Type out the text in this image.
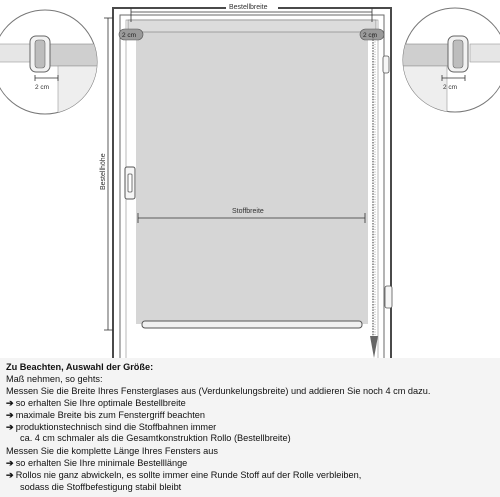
2 cm	2 cm
2 cm	2 cm
Bestellbreite
Stoffbreite
Bestellhöhe
Zu Beachten, Auswahl der Größe:
Maß nehmen, so gehts:
Messen Sie die Breite Ihres Fensterglases aus (Verdunkelungsbreite) und addieren Sie noch 4 cm dazu.
➔ so erhalten Sie Ihre optimale Bestellbreite
➔ maximale Breite bis zum Fenstergriff beachten
➔ produktionstechnisch sind die Stoffbahnen immer
ca. 4 cm schmaler als die Gesamtkonstruktion Rollo (Bestellbreite)
Messen Sie die komplette Länge Ihres Fensters aus
➔ so erhalten Sie Ihre minimale Bestelllänge
➔ Rollos nie ganz abwickeln, es sollte immer eine Runde Stoff auf der Rolle verbleiben,
sodass die Stoffbefestigung stabil bleibt
